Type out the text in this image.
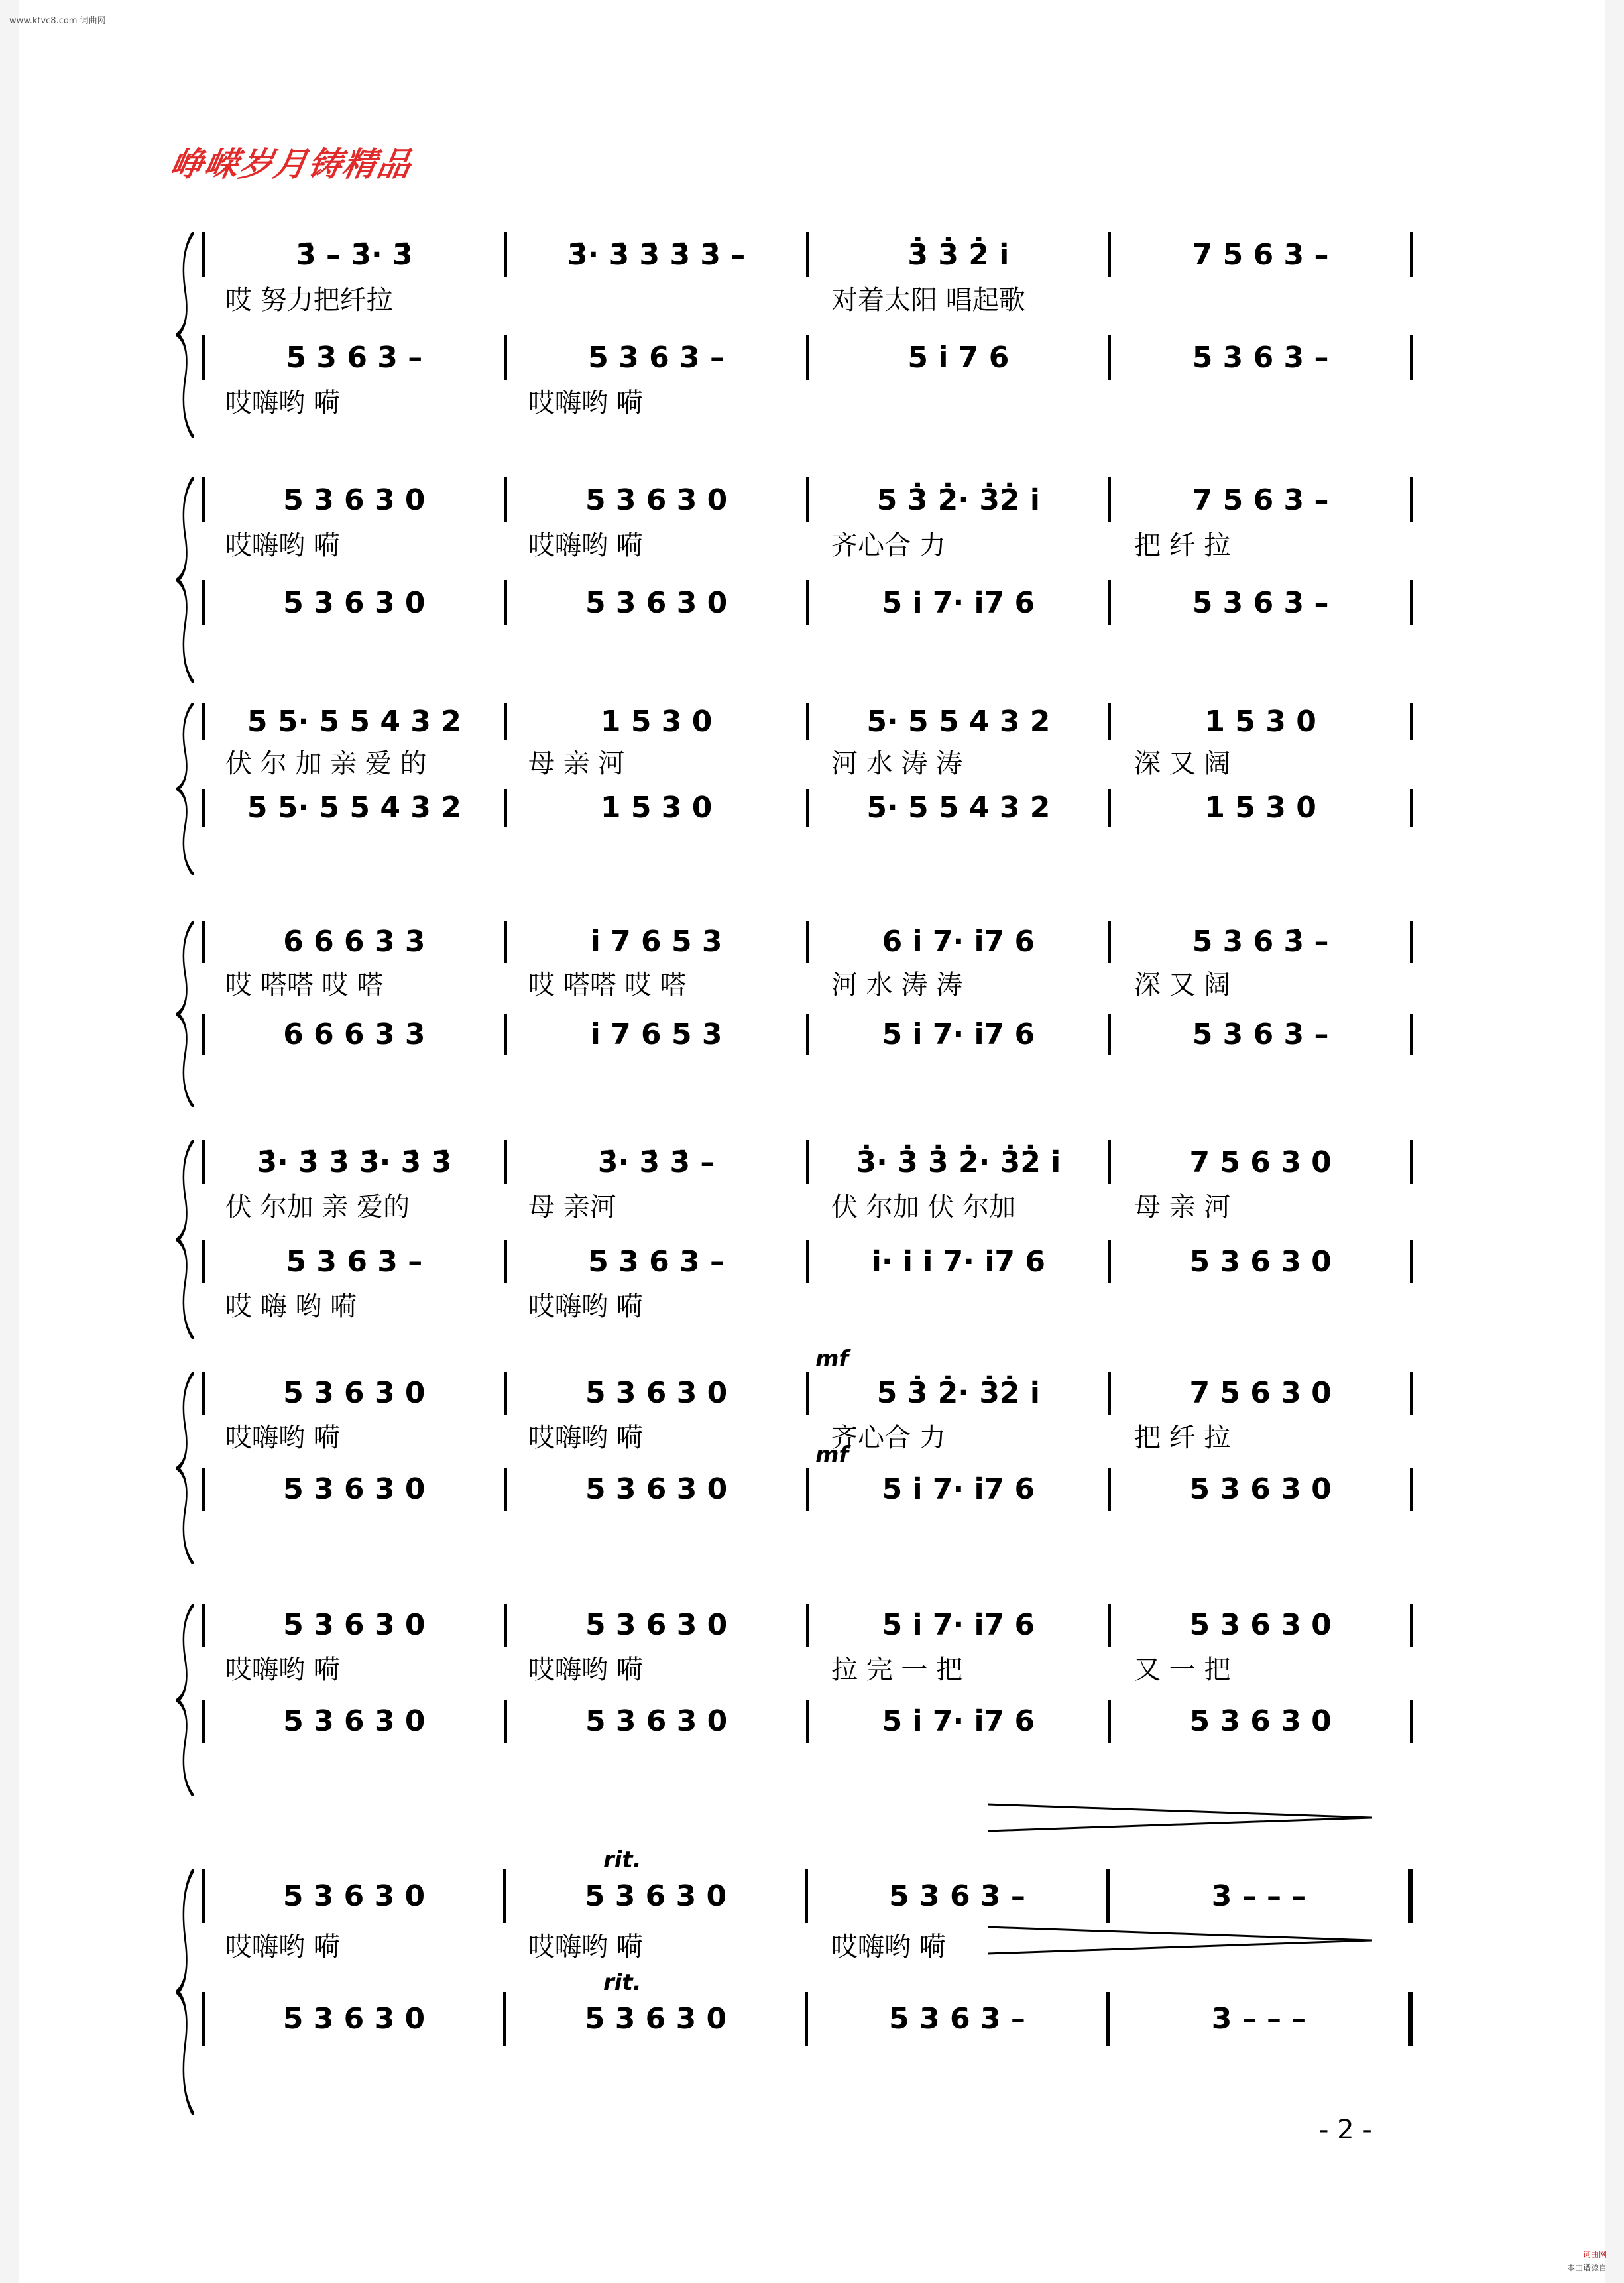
www.ktvc8.com 词曲网
峥嵘岁月铸精品
3̇ – 3̇· 3̇	3̇· 3̇ 3̇ 3̇ 3̇ –	3̇ 3̇ 2̇ i̇	7 5 6 3 –
哎 努力把纤拉	对着太阳 唱起歌
5 3 6 3 –	5 3 6 3 –	5 i̇ 7 6	5 3 6 3 –
哎嗨哟 嗬	哎嗨哟 嗬
5 3 6 3 0	5 3 6 3 0	5 3̇ 2̇· 3̇2̇ i̇	7 5 6 3 –
哎嗨哟 嗬	哎嗨哟 嗬	齐心合 力	把 纤 拉
5 3 6 3 0	5 3 6 3 0	5 i̇ 7· i̇7 6	5 3 6 3 –
5 5· 5 5 4 3 2	1 5 3 0	5· 5 5 4 3 2	1 5 3 0
伏 尔 加 亲 爱 的	母 亲 河	河 水 涛 涛	深 又 阔
5 5· 5 5 4 3 2	1 5 3 0	5· 5 5 4 3 2	1 5 3 0
6 6 6 3 3	i̇ 7 6 5 3	6 i̇ 7· i̇7 6	5 3 6 3̇ –
哎 嗒嗒 哎 嗒	哎 嗒嗒 哎 嗒	河 水 涛 涛	深 又 阔
6 6 6 3 3	i̇ 7 6 5 3	5 i̇ 7· i̇7 6	5 3 6 3 –
3̇· 3̇ 3̇ 3̇· 3̇ 3̇	3̇· 3̇ 3̇ –	3̇· 3̇ 3̇ 2̇· 3̇2̇ i̇	7 5 6 3 0
伏 尔加 亲 爱的	母 亲河	伏 尔加 伏 尔加	母 亲 河
5 3 6 3 –	5 3 6 3 –	i̇· i̇ i̇ 7· i̇7 6	5 3 6 3 0
哎 嗨 哟 嗬	哎嗨哟 嗬
5 3 6 3 0	5 3 6 3 0	5 3̇ 2̇· 3̇2̇ i̇	7 5 6 3 0
哎嗨哟 嗬	哎嗨哟 嗬	齐心合 力	把 纤 拉
5 3 6 3 0	5 3 6 3 0	5 i̇ 7· i̇7 6	5 3 6 3 0
mf
mf
5 3 6 3 0	5 3 6 3 0	5 i̇ 7· i̇7 6	5 3 6 3 0
哎嗨哟 嗬	哎嗨哟 嗬	拉 完 一 把	又 一 把
5 3 6 3 0	5 3 6 3 0	5 i̇ 7· i̇7 6	5 3 6 3 0
5 3 6 3 0	5 3 6 3 0	5 3 6 3 –	3 – – –
哎嗨哟 嗬	哎嗨哟 嗬	哎嗨哟 嗬
5 3 6 3 0	5 3 6 3 0	5 3 6 3 –	3 – – –
rit.
rit.
- 2 -
词曲网
本曲谱源自
